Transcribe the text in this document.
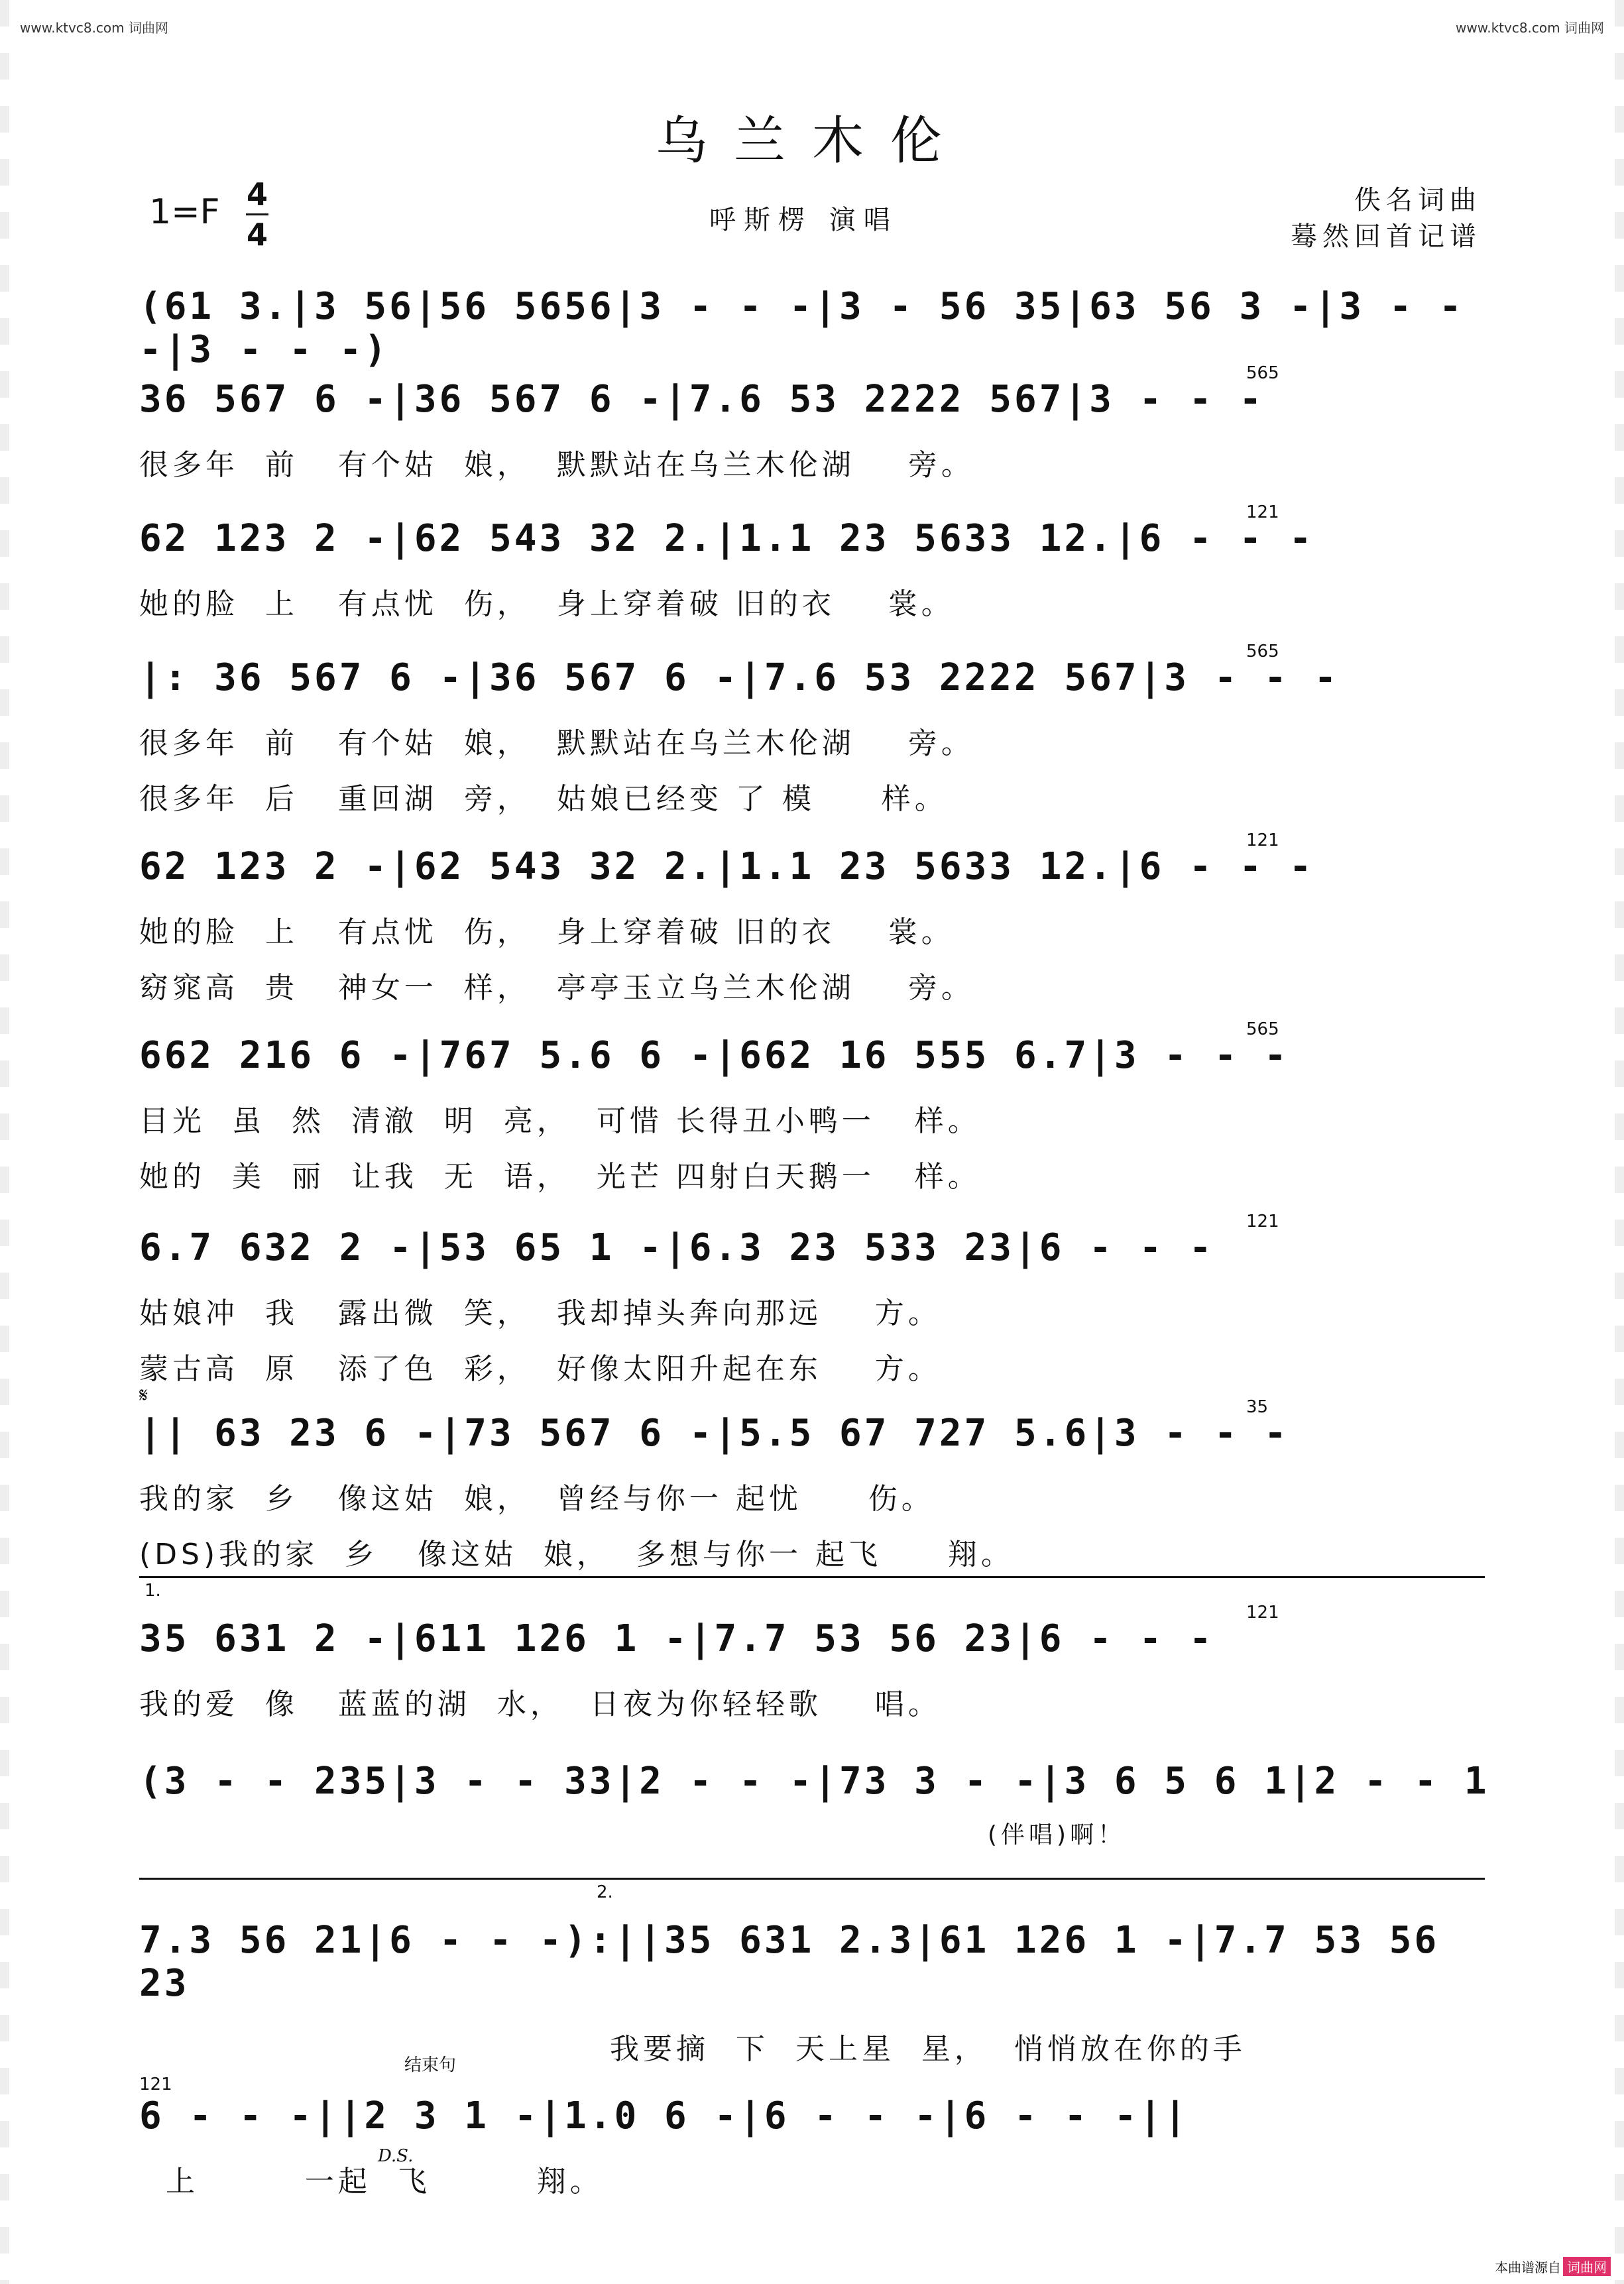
www.ktvc8.com 词曲网	www.ktvc8.com 词曲网
乌兰木伦
1=F 4
4	呼斯楞 演唱
佚名词曲
蓦然回首记谱
(61 3.|3 56|56 5656|3 - - -|3 - 56 35|63 56 3 -|3 - - -|3 - - -)
565
36 567 6 -|36 567 6 -|7.6 53 2222 567|3 - - -
很多年  前   有个姑  娘，  默默站在乌兰木伦湖    旁。
121
62 123 2 -|62 543 32 2.|1.1 23 5633 12.|6 - - -
她的脸  上   有点忧  伤，  身上穿着破 旧的衣    裳。
565
|: 36 567 6 -|36 567 6 -|7.6 53 2222 567|3 - - -
很多年  前   有个姑  娘，  默默站在乌兰木伦湖    旁。
很多年  后   重回湖  旁，  姑娘已经变 了 模     样。
121
62 123 2 -|62 543 32 2.|1.1 23 5633 12.|6 - - -
她的脸  上   有点忧  伤，  身上穿着破 旧的衣    裳。
窈窕高  贵   神女一  样，  亭亭玉立乌兰木伦湖    旁。
565
662 216 6 -|767 5.6 6 -|662 16 555 6.7|3 - - -
目光  虽  然  清澈  明  亮，  可惜 长得丑小鸭一   样。
她的  美  丽  让我  无  语，  光芒 四射白天鹅一   样。
121
6.7 632 2 -|53 65 1 -|6.3 23 533 23|6 - - -
姑娘冲  我   露出微  笑，  我却掉头奔向那远    方。
蒙古高  原   添了色  彩，  好像太阳升起在东    方。
𝄋	35
|| 63 23 6 -|73 567 6 -|5.5 67 727 5.6|3 - - -
我的家  乡   像这姑  娘，  曾经与你一 起忧     伤。
(DS)我的家  乡   像这姑  娘，  多想与你一 起飞     翔。
1.
121
35 631 2 -|611 126 1 -|7.7 53 56 23|6 - - -
我的爱  像   蓝蓝的湖  水，  日夜为你轻轻歌    唱。
(3 - - 235|3 - - 33|2 - - -|73 3 - -|3 6 5 6 1|2 - - 1
(伴唱)啊！
2.
7.3 56 21|6 - - -):||35 631 2.3|61 126 1 -|7.7 53 56 23
我要摘  下  天上星  星，  悄悄放在你的手
结束句
121
6 - - -||2 3 1 -|1.0 6 -|6 - - -|6 - - -||
D.S.
上        一起  飞        翔。
本曲谱源自 词曲网
